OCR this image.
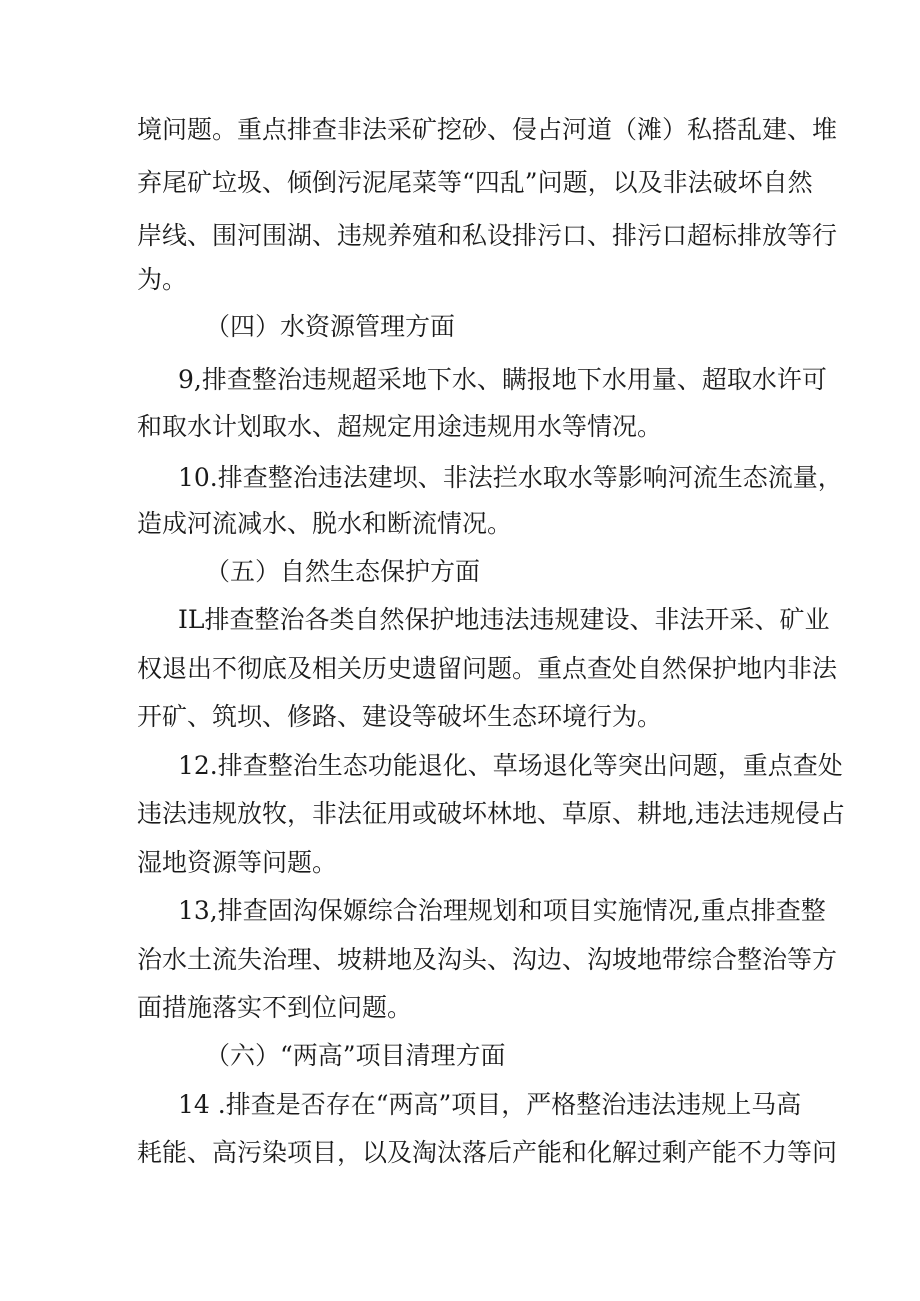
境问题。重点排查非法采矿挖砂、侵占河道（滩）私搭乱建、堆
弃尾矿垃圾、倾倒污泥尾菜等“四乱”问题，以及非法破坏自然
岸线、围河围湖、违规养殖和私设排污口、排污口超标排放等行
为。
（四）水资源管理方面
9,排查整治违规超采地下水、瞒报地下水用量、超取水许可
和取水计划取水、超规定用途违规用水等情况。
10.排查整治违法建坝、非法拦水取水等影响河流生态流量，
造成河流减水、脱水和断流情况。
（五）自然生态保护方面
IL排查整治各类自然保护地违法违规建设、非法开采、矿业
权退出不彻底及相关历史遗留问题。重点查处自然保护地内非法
开矿、筑坝、修路、建设等破坏生态环境行为。
12.排查整治生态功能退化、草场退化等突出问题，重点查处
违法违规放牧，非法征用或破坏林地、草原、耕地,违法违规侵占
湿地资源等问题。
13,排查固沟保嫄综合治理规划和项目实施情况,重点排查整
治水土流失治理、坡耕地及沟头、沟边、沟坡地带综合整治等方
面措施落实不到位问题。
（六）“两高”项目清理方面
14 .排查是否存在“两高”项目，严格整治违法违规上马高
耗能、高污染项目，以及淘汰落后产能和化解过剩产能不力等问
